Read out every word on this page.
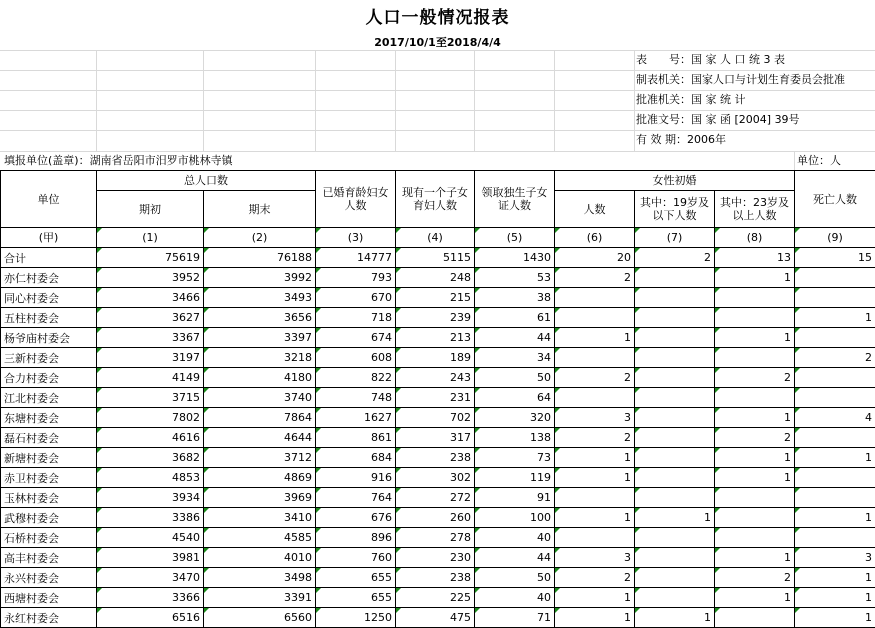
人口一般情况报表
2017/10/1至2018/4/4
表　　号：国 家 人 口 统 3 表
制表机关：国家人口与计划生育委员会批准
批准机关：国 家 统 计
批准文号：国 家 函 [2004] 39号
有 效 期：2006年
填报单位(盖章)：湖南省岳阳市汨罗市桃林寺镇	单位：人
单位	总人口数		已婚育龄妇女人数	现有一个子女育妇人数	领取独生子女证人数	女性初婚			死亡人数
	期初	期末				人数	其中：19岁及以下人数	其中：23岁及以上人数	
(甲)	(1)	(2)	(3)	(4)	(5)	(6)	(7)	(8)	(9)
合计	75619	76188	14777	5115	1430	20	2	13	15
亦仁村委会	3952	3992	793	248	53	2		1	

同心村委会	3466	3493	670	215	38	

五柱村委会	3627	3656	718	239	61				1
杨爷庙村委会	3367	3397	674	213	44	1		1	

三新村委会	3197	3218	608	189	34				2
合力村委会	4149	4180	822	243	50	2		2	

江北村委会	3715	3740	748	231	64	

东塘村委会	7802	7864	1627	702	320	3		1	4
磊石村委会	4616	4644	861	317	138	2		2	

新塘村委会	3682	3712	684	238	73	1		1	1
赤卫村委会	4853	4869	916	302	119	1		1	

玉林村委会	3934	3969	764	272	91	

武穆村委会	3386	3410	676	260	100	1	1		1
石桥村委会	4540	4585	896	278	40	

高丰村委会	3981	4010	760	230	44	3		1	3
永兴村委会	3470	3498	655	238	50	2		2	1
西塘村委会	3366	3391	655	225	40	1		1	1
永红村委会	6516	6560	1250	475	71	1	1		1
